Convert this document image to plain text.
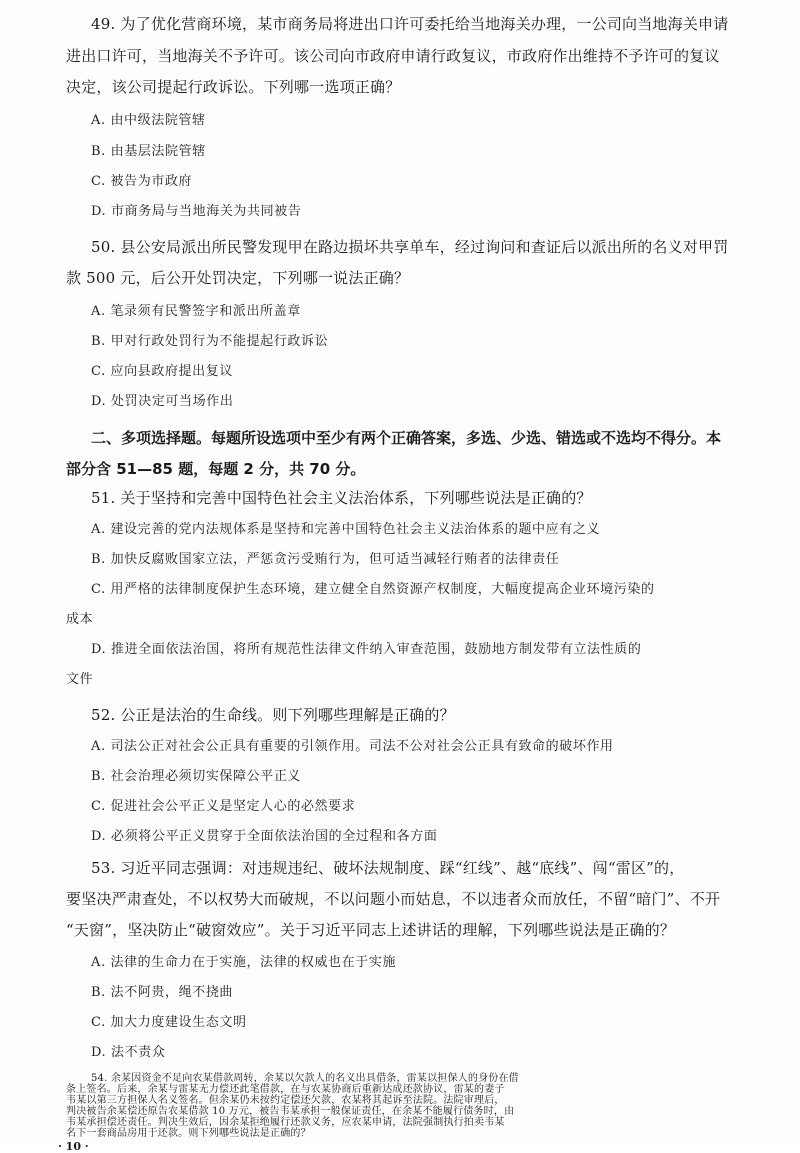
49. 为了优化营商环境，某市商务局将进出口许可委托给当地海关办理，一公司向当地海关申请
进出口许可，当地海关不予许可。该公司向市政府申请行政复议，市政府作出维持不予许可的复议
决定，该公司提起行政诉讼。下列哪一选项正确？
A. 由中级法院管辖
B. 由基层法院管辖
C. 被告为市政府
D. 市商务局与当地海关为共同被告
50. 县公安局派出所民警发现甲在路边损坏共享单车，经过询问和查证后以派出所的名义对甲罚
款 500 元，后公开处罚决定，下列哪一说法正确？
A. 笔录须有民警签字和派出所盖章
B. 甲对行政处罚行为不能提起行政诉讼
C. 应向县政府提出复议
D. 处罚决定可当场作出
二、多项选择题。每题所设选项中至少有两个正确答案，多选、少选、错选或不选均不得分。本
部分含 51—85 题，每题 2 分，共 70 分。
51. 关于坚持和完善中国特色社会主义法治体系，下列哪些说法是正确的？
A. 建设完善的党内法规体系是坚持和完善中国特色社会主义法治体系的题中应有之义
B. 加快反腐败国家立法，严惩贪污受贿行为，但可适当减轻行贿者的法律责任
C. 用严格的法律制度保护生态环境，建立健全自然资源产权制度，大幅度提高企业环境污染的
成本
D. 推进全面依法治国，将所有规范性法律文件纳入审查范围，鼓励地方制发带有立法性质的
文件
52. 公正是法治的生命线。则下列哪些理解是正确的？
A. 司法公正对社会公正具有重要的引领作用。司法不公对社会公正具有致命的破坏作用
B. 社会治理必须切实保障公平正义
C. 促进社会公平正义是坚定人心的必然要求
D. 必须将公平正义贯穿于全面依法治国的全过程和各方面
53. 习近平同志强调：对违规违纪、破坏法规制度、踩“红线”、越“底线”、闯“雷区”的，
要坚决严肃查处，不以权势大而破规，不以问题小而姑息，不以违者众而放任，不留“暗门”、不开
“天窗”，坚决防止“破窗效应”。关于习近平同志上述讲话的理解，下列哪些说法是正确的？
A. 法律的生命力在于实施，法律的权威也在于实施
B. 法不阿贵，绳不挠曲
C. 加大力度建设生态文明
D. 法不责众
· 10 ·
54. 余某因资金不足向农某借款周转，余某以欠款人的名义出具借条，雷某以担保人的身份在借
条上签名。后来，余某与雷某无力偿还此笔借款，在与农某协商后重新达成还款协议，雷某的妻子
韦某以第三方担保人名义签名。但余某仍未按约定偿还欠款，农某将其起诉至法院。法院审理后，
判决被告余某偿还原告农某借款 10 万元，被告韦某承担一般保证责任，在余某不能履行债务时，由
韦某承担偿还责任。判决生效后，因余某拒绝履行还款义务，应农某申请，法院强制执行拍卖韦某
名下一套商品房用于还款。则下列哪些说法是正确的？
